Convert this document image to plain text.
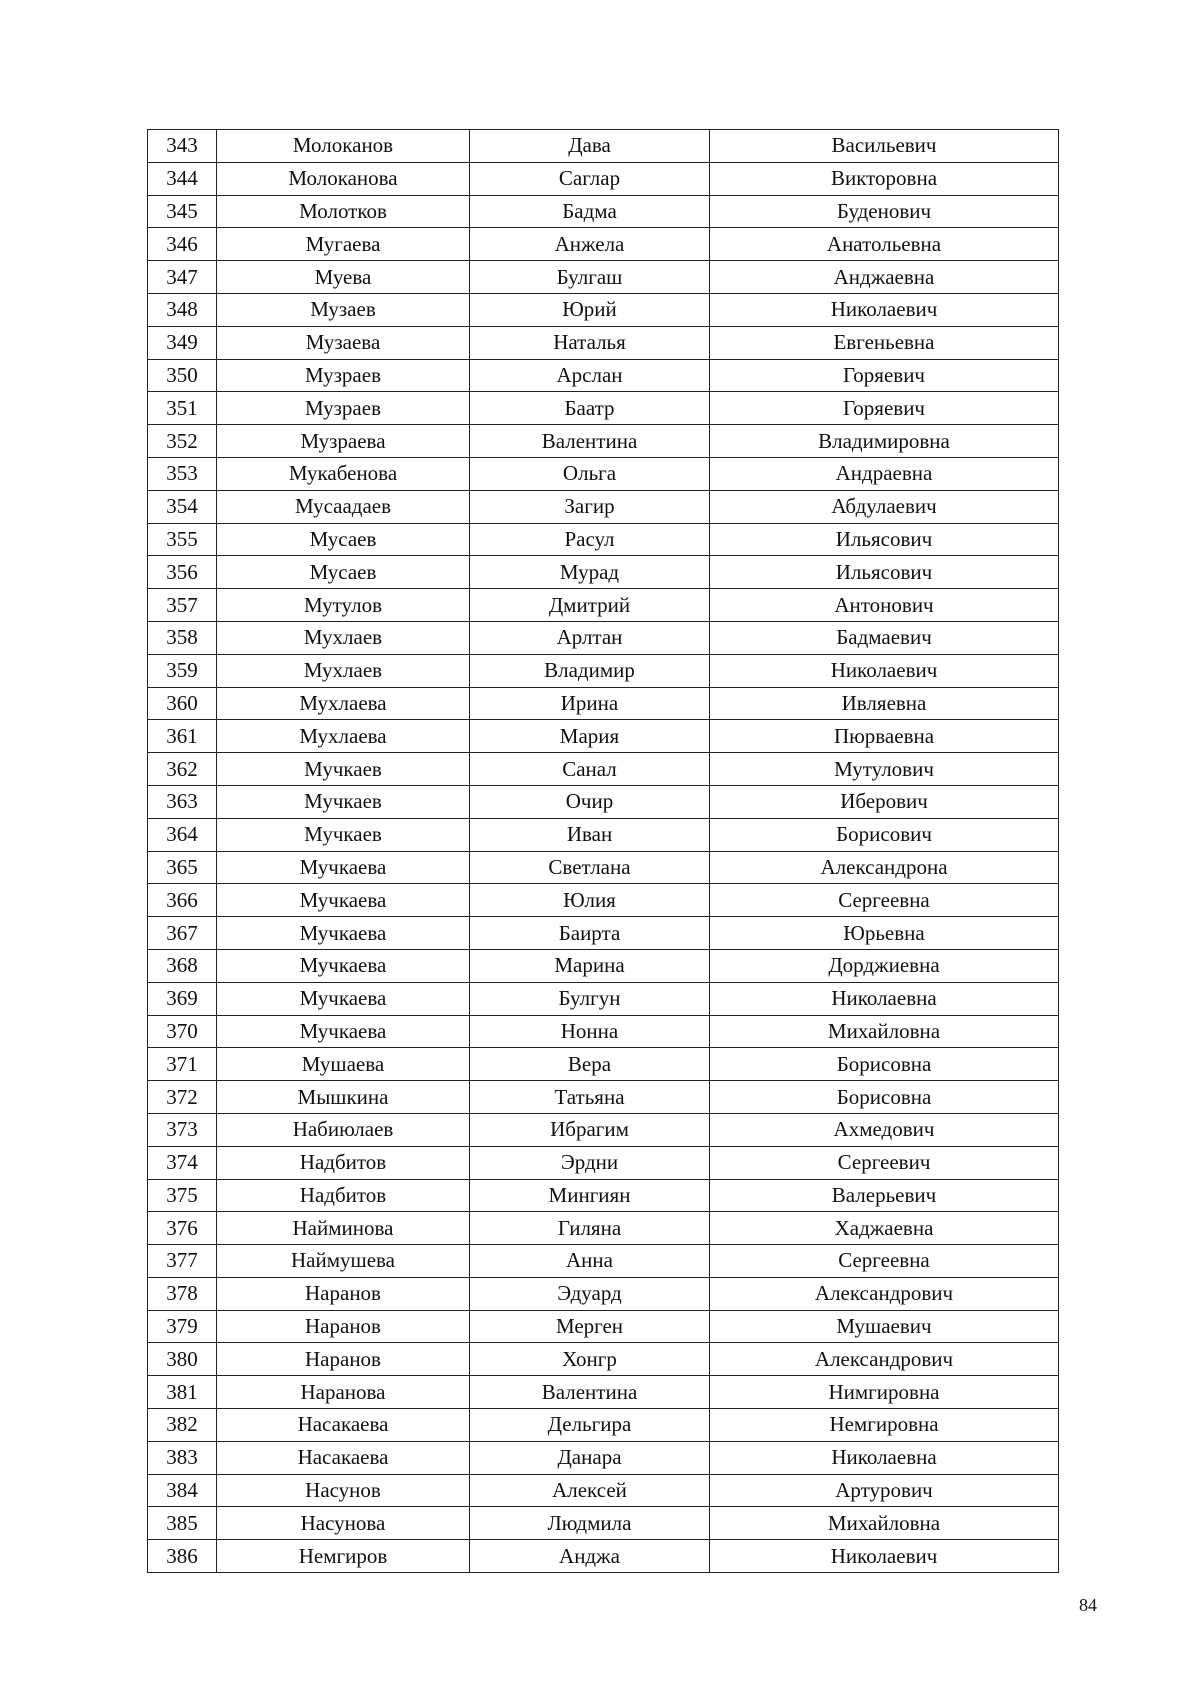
343	Молоканов	Дава	Васильевич
344	Молоканова	Саглар	Викторовна
345	Молотков	Бадма	Буденович
346	Мугаева	Анжела	Анатольевна
347	Муева	Булгаш	Анджаевна
348	Музаев	Юрий	Николаевич
349	Музаева	Наталья	Евгеньевна
350	Музраев	Арслан	Горяевич
351	Музраев	Баатр	Горяевич
352	Музраева	Валентина	Владимировна
353	Мукабенова	Ольга	Андраевна
354	Мусаадаев	Загир	Абдулаевич
355	Мусаев	Расул	Ильясович
356	Мусаев	Мурад	Ильясович
357	Мутулов	Дмитрий	Антонович
358	Мухлаев	Арлтан	Бадмаевич
359	Мухлаев	Владимир	Николаевич
360	Мухлаева	Ирина	Ивляевна
361	Мухлаева	Мария	Пюрваевна
362	Мучкаев	Санал	Мутулович
363	Мучкаев	Очир	Иберович
364	Мучкаев	Иван	Борисович
365	Мучкаева	Светлана	Александрона
366	Мучкаева	Юлия	Сергеевна
367	Мучкаева	Баирта	Юрьевна
368	Мучкаева	Марина	Дорджиевна
369	Мучкаева	Булгун	Николаевна
370	Мучкаева	Нонна	Михайловна
371	Мушаева	Вера	Борисовна
372	Мышкина	Татьяна	Борисовна
373	Набиюлаев	Ибрагим	Ахмедович
374	Надбитов	Эрдни	Сергеевич
375	Надбитов	Мингиян	Валерьевич
376	Найминова	Гиляна	Хаджаевна
377	Наймушева	Анна	Сергеевна
378	Наранов	Эдуард	Александрович
379	Наранов	Мерген	Мушаевич
380	Наранов	Хонгр	Александрович
381	Наранова	Валентина	Нимгировна
382	Насакаева	Дельгира	Немгировна
383	Насакаева	Данара	Николаевна
384	Насунов	Алексей	Артурович
385	Насунова	Людмила	Михайловна
386	Немгиров	Анджа	Николаевич
84
